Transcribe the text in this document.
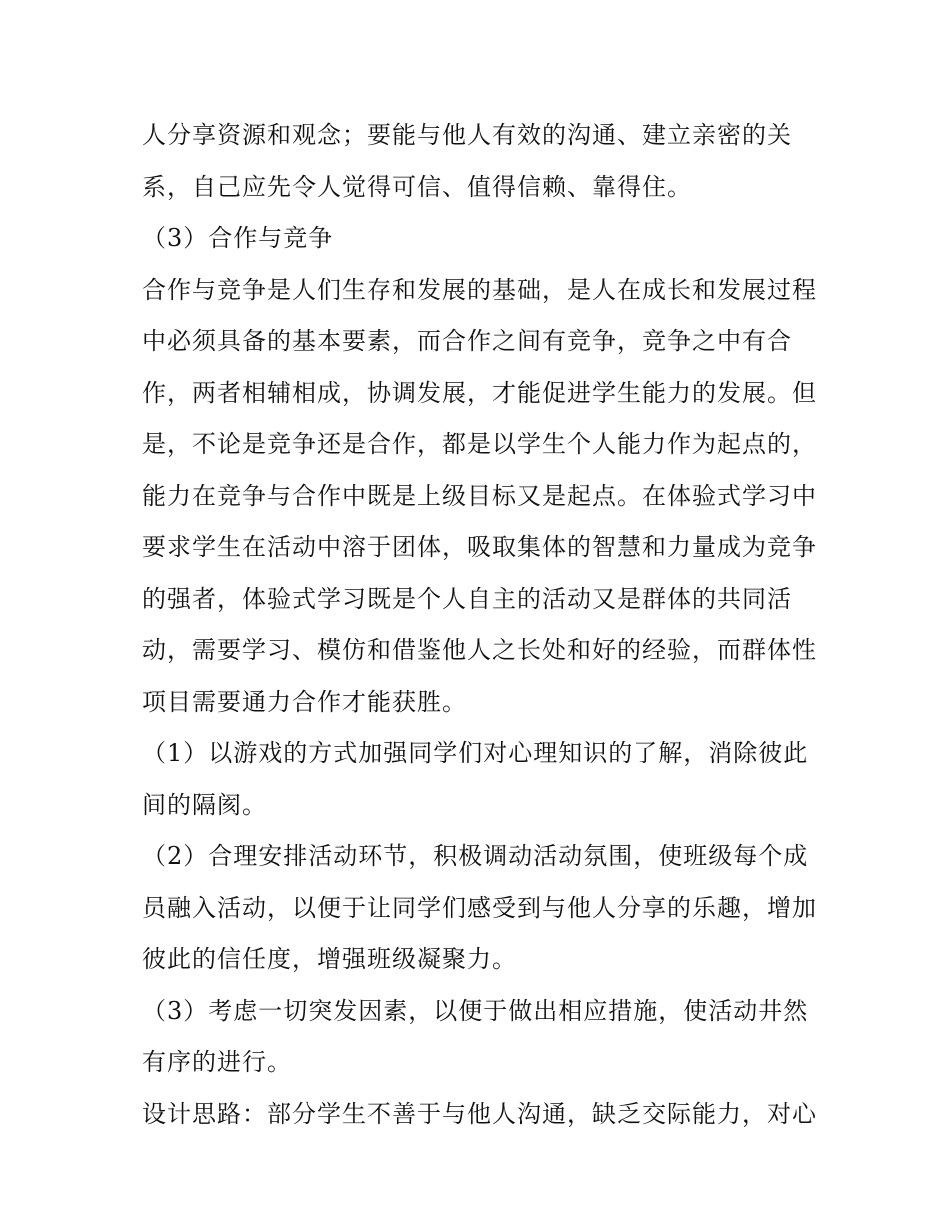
人分享资源和观念；要能与他人有效的沟通、建立亲密的关
系，自己应先令人觉得可信、值得信赖、靠得住。
（3）合作与竞争
合作与竞争是人们生存和发展的基础，是人在成长和发展过程
中必须具备的基本要素，而合作之间有竞争，竞争之中有合
作，两者相辅相成，协调发展，才能促进学生能力的发展。但
是，不论是竞争还是合作，都是以学生个人能力作为起点的，
能力在竞争与合作中既是上级目标又是起点。在体验式学习中
要求学生在活动中溶于团体，吸取集体的智慧和力量成为竞争
的强者，体验式学习既是个人自主的活动又是群体的共同活
动，需要学习、模仿和借鉴他人之长处和好的经验，而群体性
项目需要通力合作才能获胜。
（1）以游戏的方式加强同学们对心理知识的了解，消除彼此
间的隔阂。
（2）合理安排活动环节，积极调动活动氛围，使班级每个成
员融入活动，以便于让同学们感受到与他人分享的乐趣，增加
彼此的信任度，增强班级凝聚力。
（3）考虑一切突发因素，以便于做出相应措施，使活动井然
有序的进行。
设计思路：部分学生不善于与他人沟通，缺乏交际能力，对心
